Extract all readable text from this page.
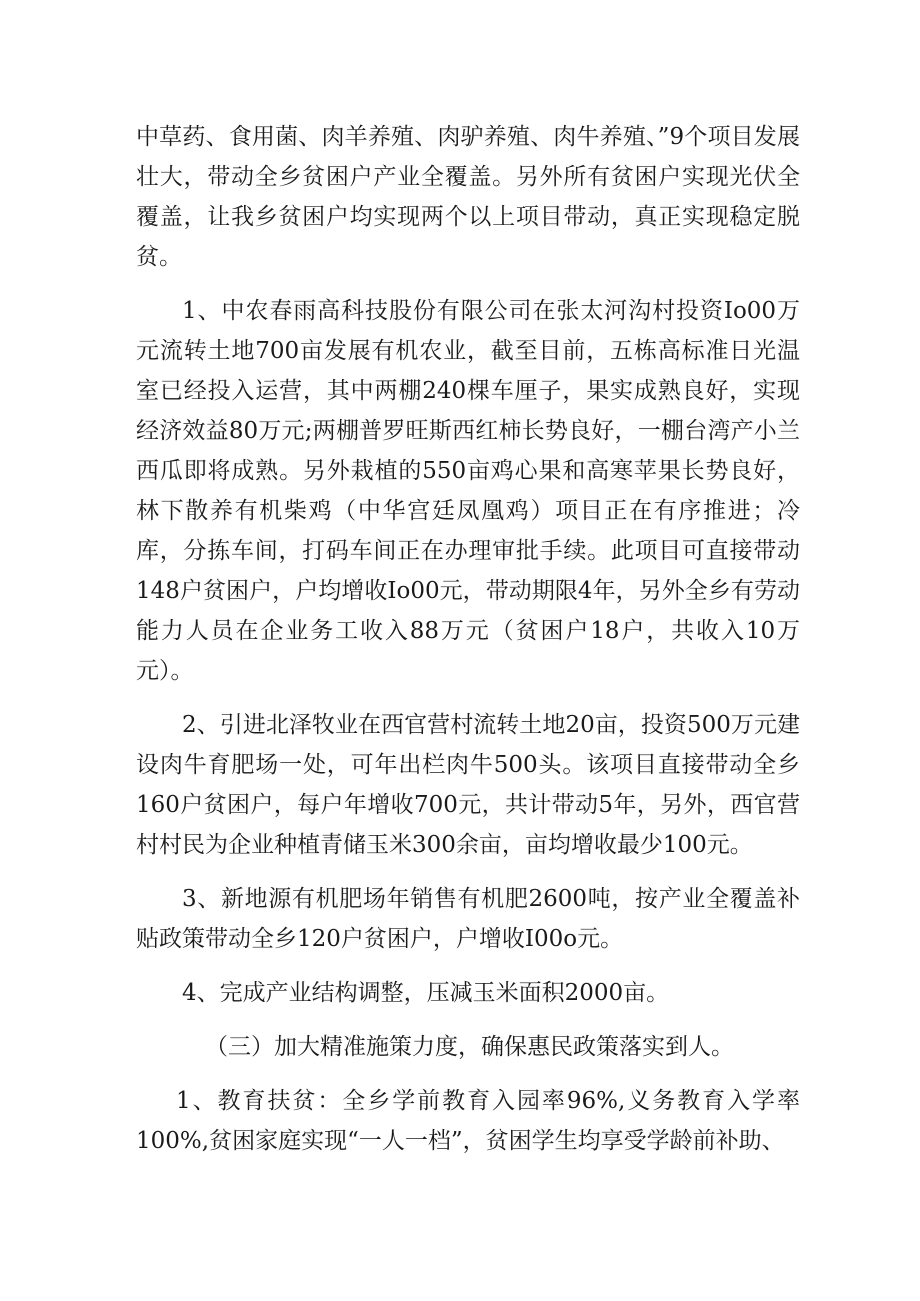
中草药、食用菌、肉羊养殖、肉驴养殖、肉牛养殖、”9个项目发展壮大，带动全乡贫困户产业全覆盖。另外所有贫困户实现光伏全覆盖，让我乡贫困户均实现两个以上项目带动，真正实现稳定脱贫。

1、中农春雨高科技股份有限公司在张太河沟村投资Io00万元流转土地700亩发展有机农业，截至目前，五栋高标准日光温室已经投入运营，其中两棚240棵车厘子，果实成熟良好，实现经济效益80万元;两棚普罗旺斯西红柿长势良好，一棚台湾产小兰西瓜即将成熟。另外栽植的550亩鸡心果和高寒苹果长势良好，林下散养有机柴鸡（中华宫廷凤凰鸡）项目正在有序推进；冷库，分拣车间，打码车间正在办理审批手续。此项目可直接带动148户贫困户，户均增收Io00元，带动期限4年，另外全乡有劳动能力人员在企业务工收入88万元（贫困户18户，共收入10万元）。

2、引进北泽牧业在西官营村流转土地20亩，投资500万元建设肉牛育肥场一处，可年出栏肉牛500头。该项目直接带动全乡160户贫困户，每户年增收700元，共计带动5年，另外，西官营村村民为企业种植青储玉米300余亩，亩均增收最少100元。

3、新地源有机肥场年销售有机肥2600吨，按产业全覆盖补贴政策带动全乡120户贫困户，户增收I00o元。

4、完成产业结构调整，压减玉米面积2000亩。

（三）加大精准施策力度，确保惠民政策落实到人。

1、教育扶贫：全乡学前教育入园率96%,义务教育入学率100%,贫困家庭实现“一人一档”，贫困学生均享受学龄前补助、
